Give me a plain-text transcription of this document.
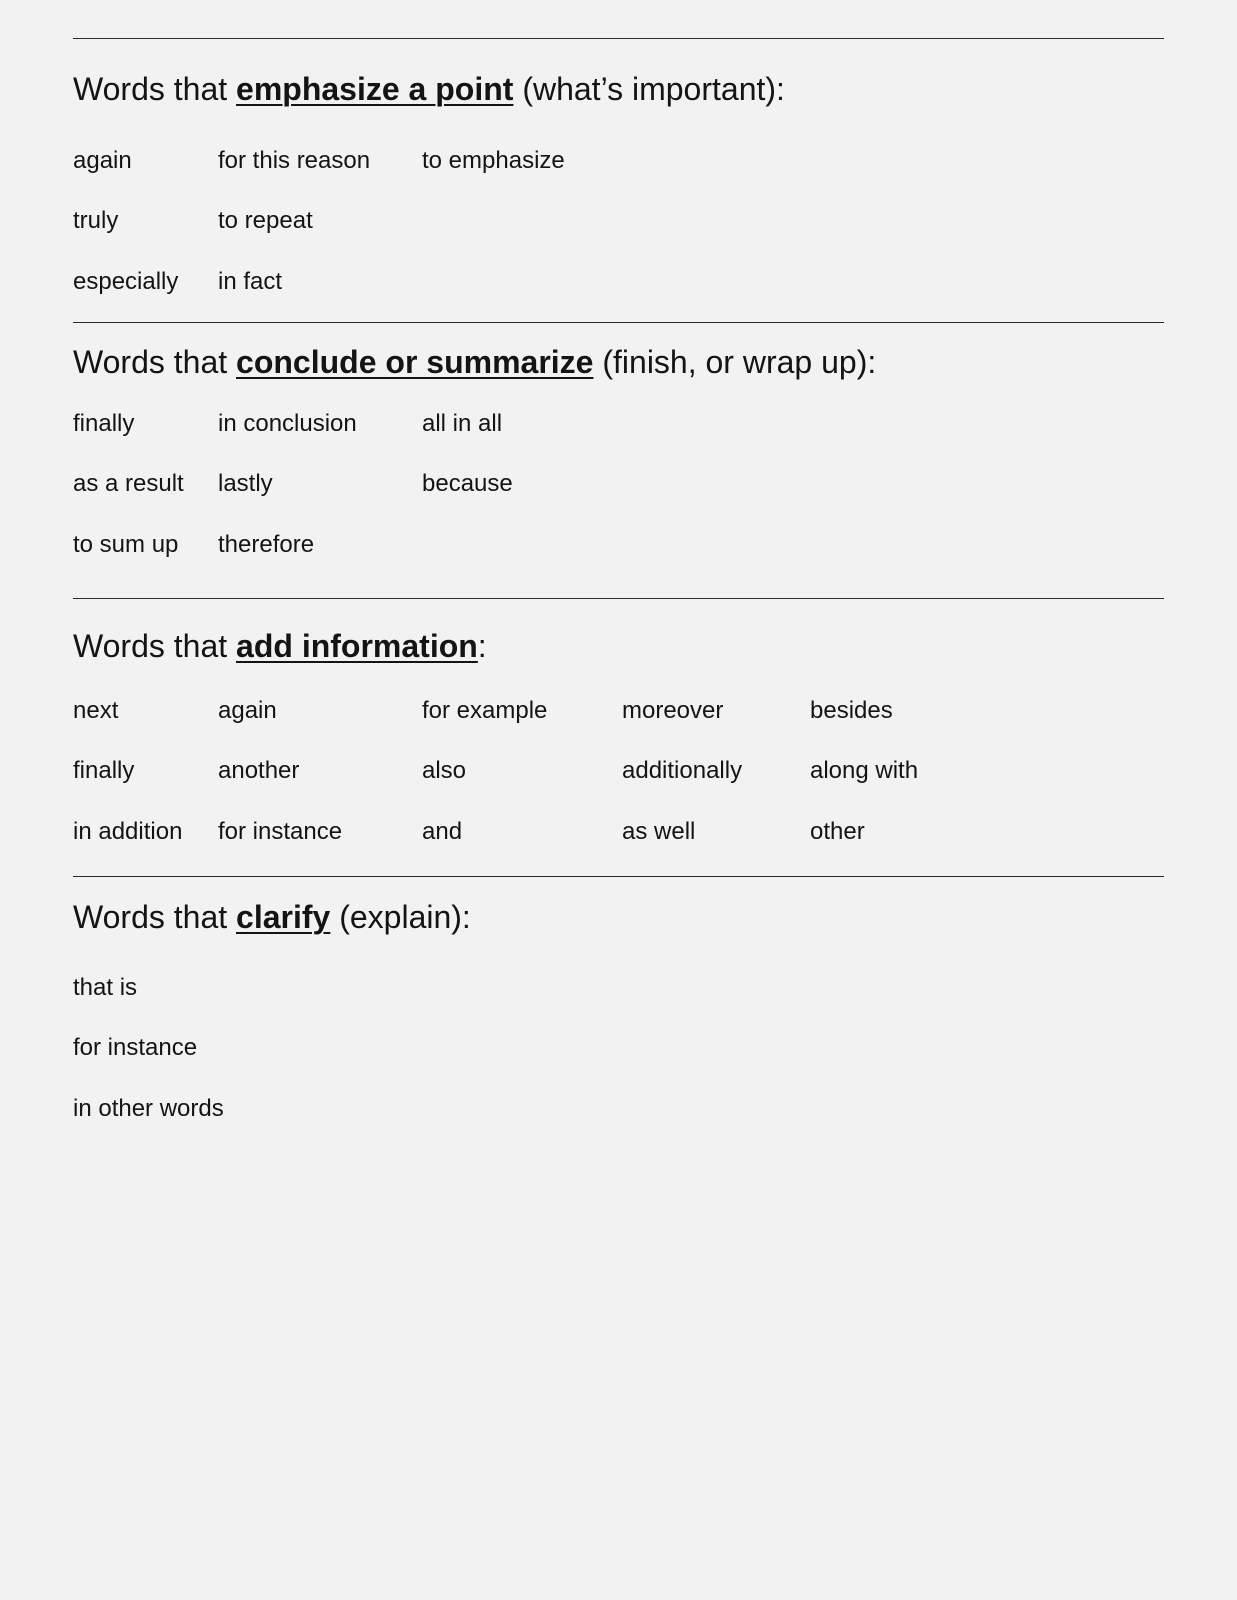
Words that emphasize a point (what’s important):
again
truly
especially
for this reason
to repeat
in fact
to emphasize
Words that conclude or summarize (finish, or wrap up):
finally
as a result
to sum up
in conclusion
lastly
therefore
all in all
because
Words that add information:
next
finally
in addition
again
another
for instance
for example
also
and
moreover
additionally
as well
besides
along with
other
Words that clarify (explain):
that is
for instance
in other words
